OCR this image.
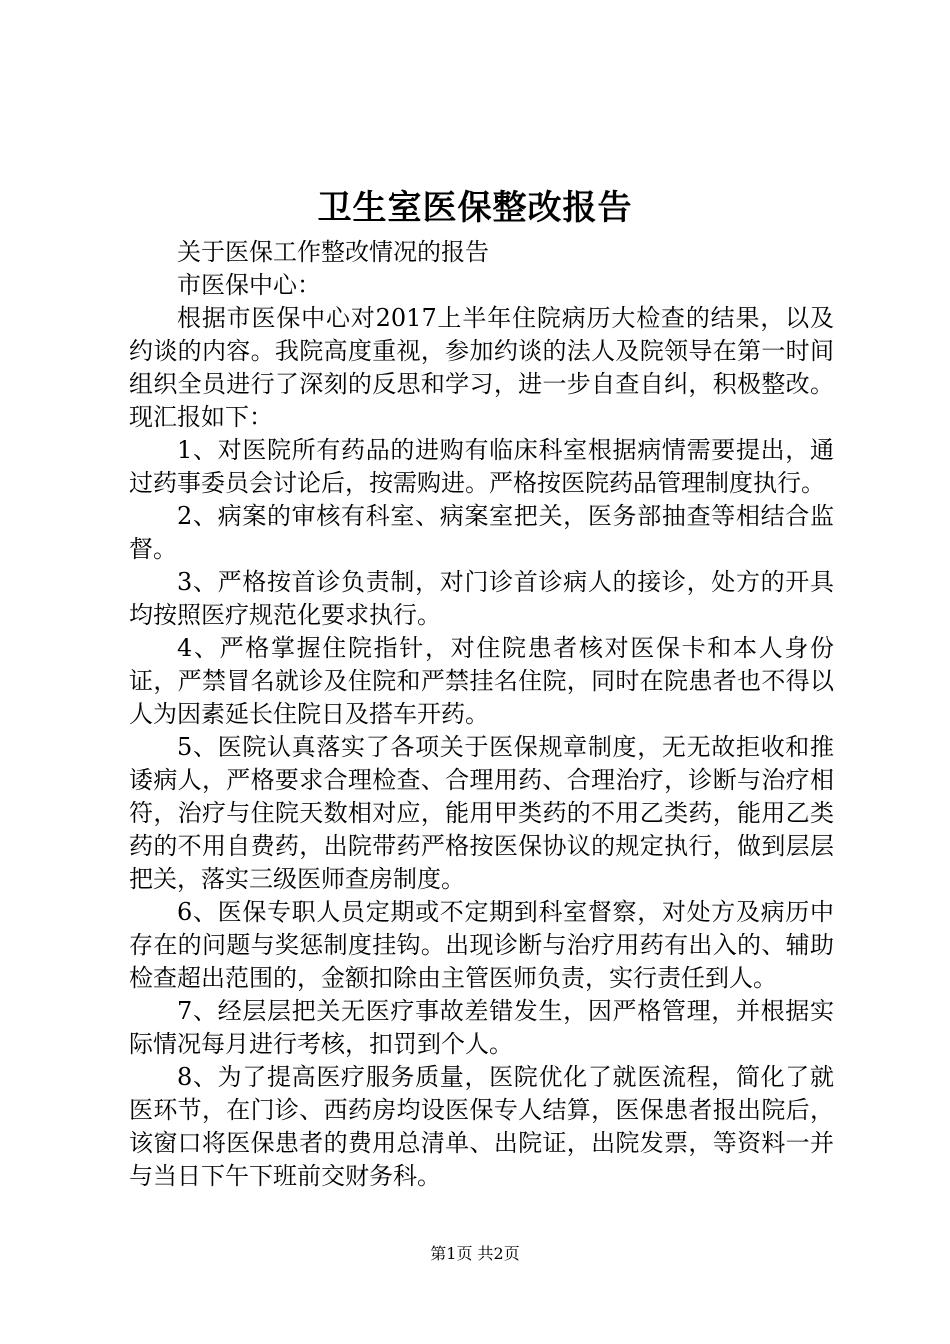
卫生室医保整改报告

关于医保工作整改情况的报告

市医保中心：

根据市医保中心对2017上半年住院病历大检查的结果，以及约谈的内容。我院高度重视，参加约谈的法人及院领导在第一时间组织全员进行了深刻的反思和学习，进一步自查自纠，积极整改。现汇报如下：

1、对医院所有药品的进购有临床科室根据病情需要提出，通过药事委员会讨论后，按需购进。严格按医院药品管理制度执行。

2、病案的审核有科室、病案室把关，医务部抽查等相结合监督。

3、严格按首诊负责制，对门诊首诊病人的接诊，处方的开具均按照医疗规范化要求执行。

4、严格掌握住院指针，对住院患者核对医保卡和本人身份证，严禁冒名就诊及住院和严禁挂名住院，同时在院患者也不得以人为因素延长住院日及搭车开药。

5、医院认真落实了各项关于医保规章制度，无无故拒收和推诿病人，严格要求合理检查、合理用药、合理治疗，诊断与治疗相符，治疗与住院天数相对应，能用甲类药的不用乙类药，能用乙类药的不用自费药，出院带药严格按医保协议的规定执行，做到层层把关，落实三级医师查房制度。

6、医保专职人员定期或不定期到科室督察，对处方及病历中存在的问题与奖惩制度挂钩。出现诊断与治疗用药有出入的、辅助检查超出范围的，金额扣除由主管医师负责，实行责任到人。

7、经层层把关无医疗事故差错发生，因严格管理，并根据实际情况每月进行考核，扣罚到个人。

8、为了提高医疗服务质量，医院优化了就医流程，简化了就医环节，在门诊、西药房均设医保专人结算，医保患者报出院后，该窗口将医保患者的费用总清单、出院证，出院发票，等资料一并与当日下午下班前交财务科。

第1页 共2页
